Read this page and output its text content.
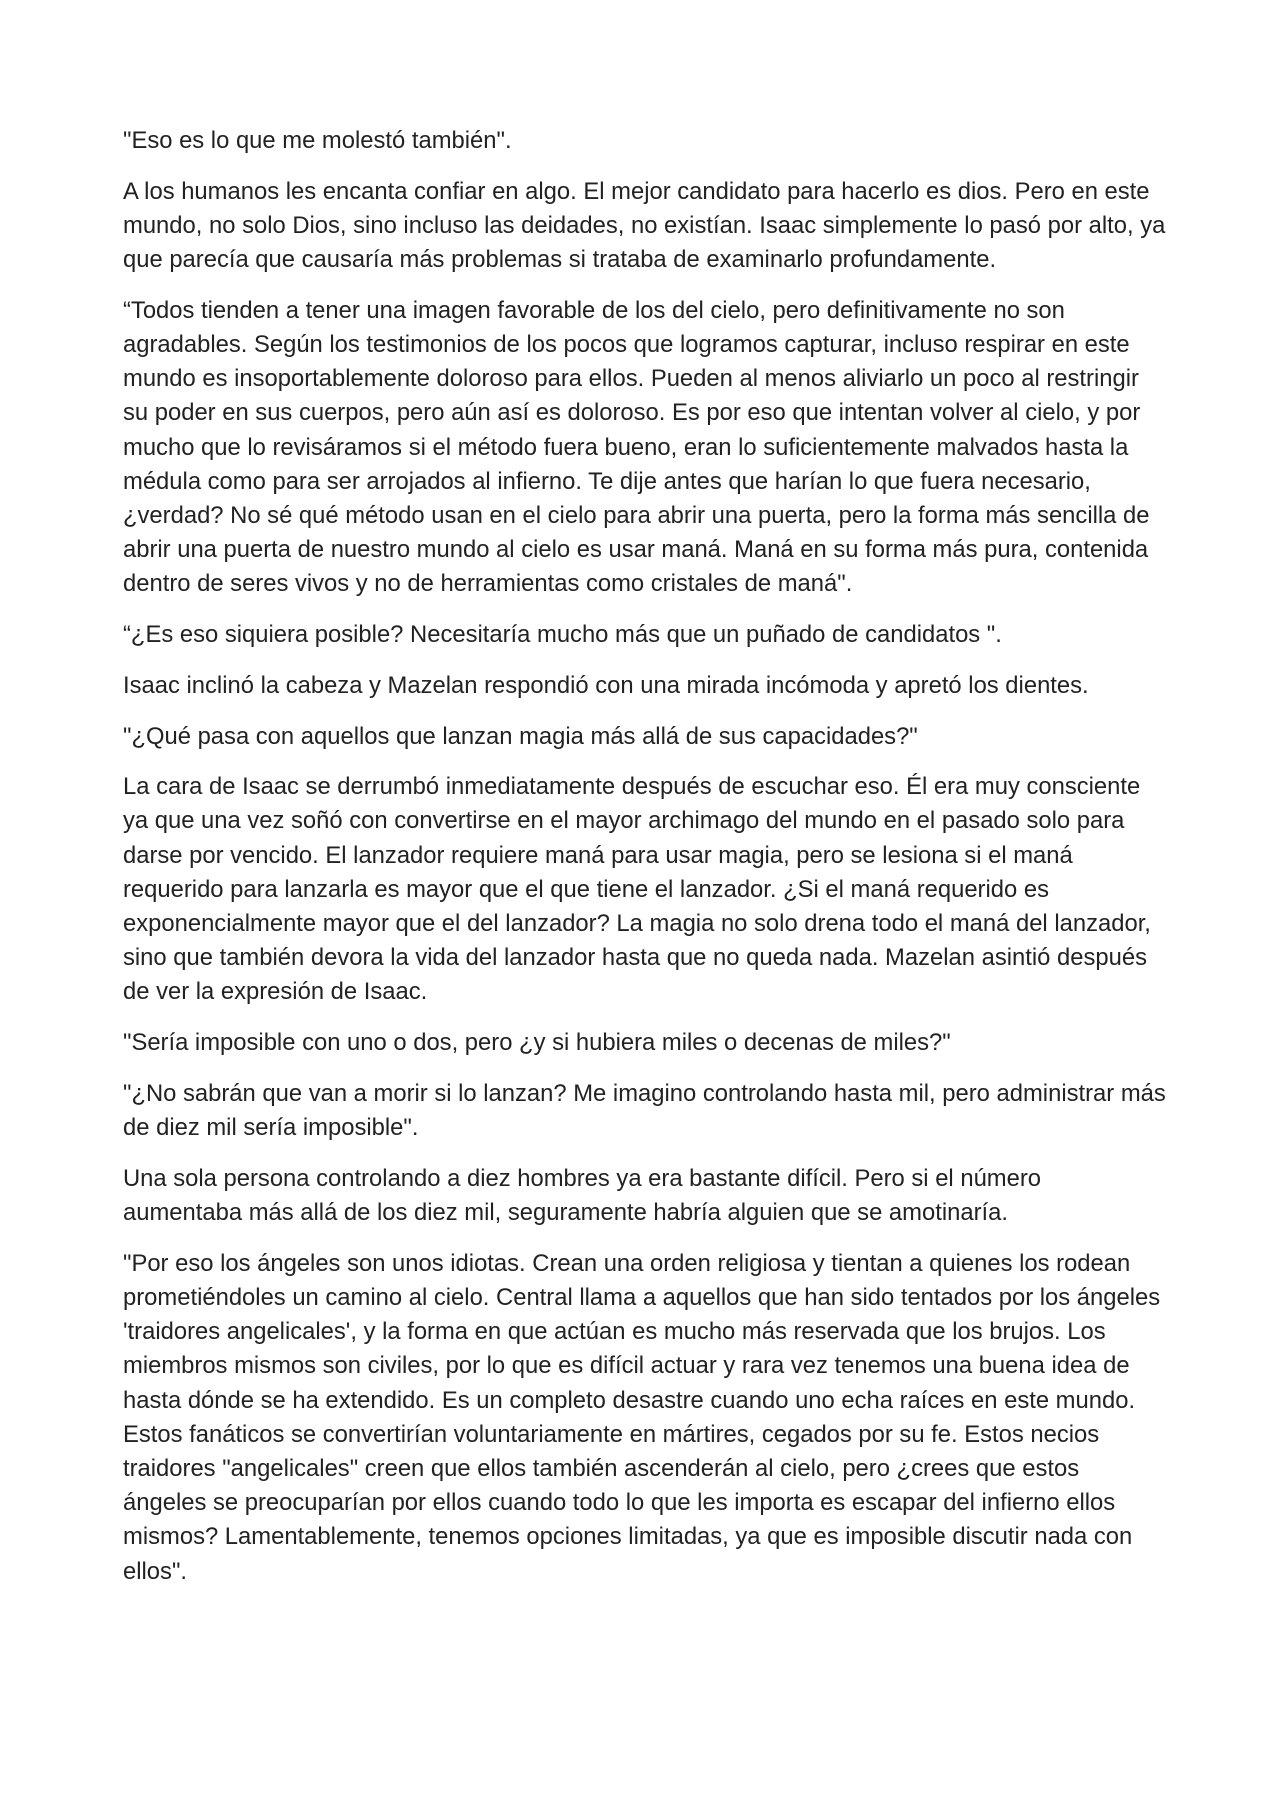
"Eso es lo que me molestó también".

A los humanos les encanta confiar en algo. El mejor candidato para hacerlo es dios. Pero en este mundo, no solo Dios, sino incluso las deidades, no existían. Isaac simplemente lo pasó por alto, ya que parecía que causaría más problemas si trataba de examinarlo profundamente.

“Todos tienden a tener una imagen favorable de los del cielo, pero definitivamente no son agradables. Según los testimonios de los pocos que logramos capturar, incluso respirar en este mundo es insoportablemente doloroso para ellos. Pueden al menos aliviarlo un poco al restringir su poder en sus cuerpos, pero aún así es doloroso. Es por eso que intentan volver al cielo, y por mucho que lo revisáramos si el método fuera bueno, eran lo suficientemente malvados hasta la médula como para ser arrojados al infierno. Te dije antes que harían lo que fuera necesario, ¿verdad? No sé qué método usan en el cielo para abrir una puerta, pero la forma más sencilla de abrir una puerta de nuestro mundo al cielo es usar maná. Maná en su forma más pura, contenida dentro de seres vivos y no de herramientas como cristales de maná".

“¿Es eso siquiera posible? Necesitaría mucho más que un puñado de candidatos ".

Isaac inclinó la cabeza y Mazelan respondió con una mirada incómoda y apretó los dientes.

"¿Qué pasa con aquellos que lanzan magia más allá de sus capacidades?"

La cara de Isaac se derrumbó inmediatamente después de escuchar eso. Él era muy consciente ya que una vez soñó con convertirse en el mayor archimago del mundo en el pasado solo para darse por vencido. El lanzador requiere maná para usar magia, pero se lesiona si el maná requerido para lanzarla es mayor que el que tiene el lanzador. ¿Si el maná requerido es exponencialmente mayor que el del lanzador? La magia no solo drena todo el maná del lanzador, sino que también devora la vida del lanzador hasta que no queda nada. Mazelan asintió después de ver la expresión de Isaac.

"Sería imposible con uno o dos, pero ¿y si hubiera miles o decenas de miles?"

"¿No sabrán que van a morir si lo lanzan? Me imagino controlando hasta mil, pero administrar más de diez mil sería imposible".

Una sola persona controlando a diez hombres ya era bastante difícil. Pero si el número aumentaba más allá de los diez mil, seguramente habría alguien que se amotinaría.

"Por eso los ángeles son unos idiotas. Crean una orden religiosa y tientan a quienes los rodean prometiéndoles un camino al cielo. Central llama a aquellos que han sido tentados por los ángeles 'traidores angelicales', y la forma en que actúan es mucho más reservada que los brujos. Los miembros mismos son civiles, por lo que es difícil actuar y rara vez tenemos una buena idea de hasta dónde se ha extendido. Es un completo desastre cuando uno echa raíces en este mundo. Estos fanáticos se convertirían voluntariamente en mártires, cegados por su fe. Estos necios traidores "angelicales" creen que ellos también ascenderán al cielo, pero ¿crees que estos ángeles se preocuparían por ellos cuando todo lo que les importa es escapar del infierno ellos mismos? Lamentablemente, tenemos opciones limitadas, ya que es imposible discutir nada con ellos".
